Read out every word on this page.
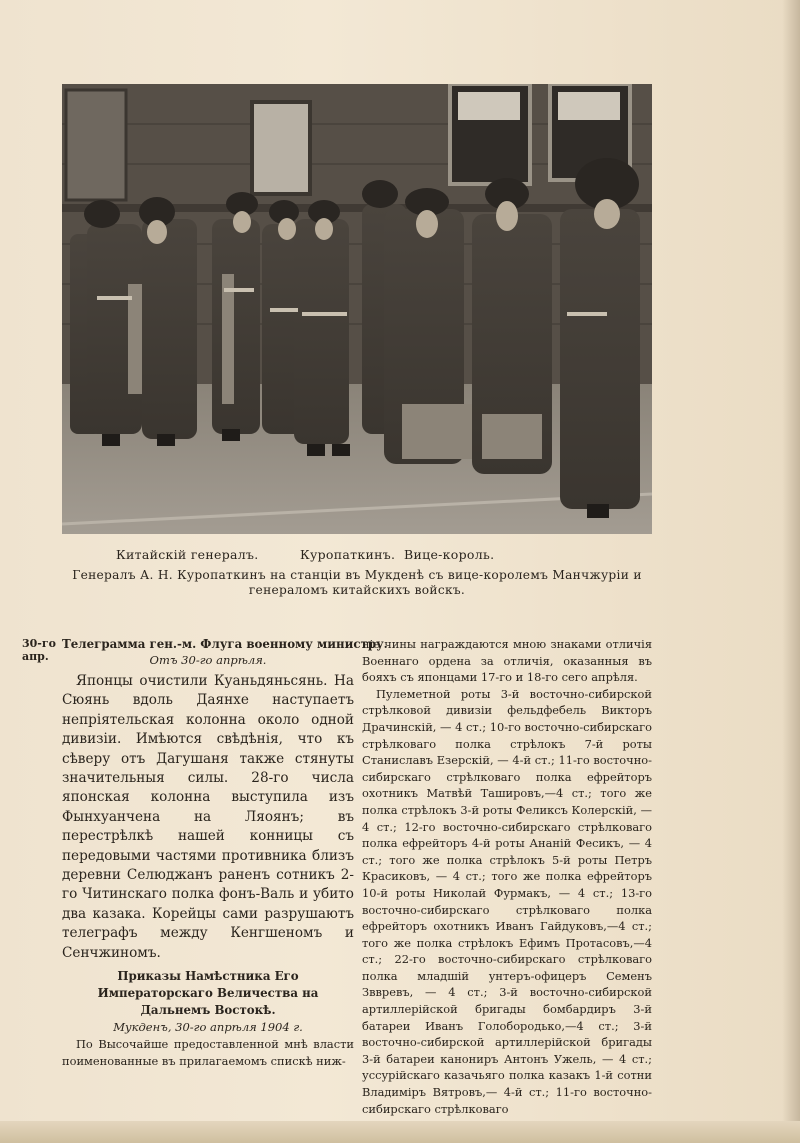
Китайскій генералъ.	Куропаткинъ. Вице-король.
Генералъ А. Н. Куропаткинъ на станціи въ Мукденѣ съ вице-королемъ Манчжуріи и генераломъ китайскихъ войскъ.
30-го апр.
Телеграмма ген.-м. Флуга военному министру.
Отъ 30-го апрѣля.

Японцы очистили Куаньдяньсянь. На Сюянь вдоль Даянхе наступаетъ непріятельская колонна около одной дивизіи. Имѣются свѣдѣнія, что къ сѣверу отъ Дагушаня также стянуты значительныя силы. 28-го числа японская колонна выступила изъ Фынхуанчена на Ляоянъ; въ перестрѣлкѣ нашей конницы съ передовыми частями противника близъ деревни Селюджанъ раненъ сотникъ 2-го Читинскаго полка фонъ-Валь и убито два казака. Корейцы сами разрушаютъ телеграфъ между Кенгшеномъ и Сенчжиномъ.

Приказы Намѣстника Его Императорскаго Величества на Дальнемъ Востокѣ.
Мукденъ, 30-го апрѣля 1904 г.

По Высочайше предоставленной мнѣ власти поименованные въ прилагаемомъ спискѣ ниж-

ніе чины награждаются мною знаками отличія Военнаго ордена за отличія, оказанныя въ бояхъ съ японцами 17-го и 18-го сего апрѣля.

Пулеметной роты 3-й восточно-сибирской стрѣлковой дивизіи фельдфебель Викторъ Драчинскій, — 4 ст.; 10-го восточно-сибирскаго стрѣлковаго полка стрѣлокъ 7-й роты Станиславъ Езерскій, — 4-й ст.; 11-го восточно-сибирскаго стрѣлковаго полка ефрейторъ охотникъ Матвѣй Ташировъ,—4 ст.; того же полка стрѣлокъ 3-й роты Феликсъ Колерскій, — 4 ст.; 12-го восточно-сибирскаго стрѣлковаго полка ефрейторъ 4-й роты Ананій Фесикъ, — 4 ст.; того же полка стрѣлокъ 5-й роты Петръ Красиковъ, — 4 ст.; того же полка ефрейторъ 10-й роты Николай Фурмакъ, — 4 ст.; 13-го восточно-сибирскаго стрѣлковаго полка ефрейторъ охотникъ Иванъ Гайдуковъ,—4 ст.; того же полка стрѣлокъ Ефимъ Протасовъ,—4 ст.; 22-го восточно-сибирскаго стрѣлковаго полка младшій унтеръ-офицеръ Семенъ Зввревъ, — 4 ст.; 3-й восточно-сибирской артиллерійской бригады бомбардиръ 3-й батареи Иванъ Голобородько,—4 ст.; 3-й восточно-сибирской артиллерійской бригады 3-й батареи канониръ Антонъ Ужель, — 4 ст.; уссурійскаго казачьяго полка казакъ 1-й сотни Владиміръ Вятровъ,— 4-й ст.; 11-го восточно-сибирскаго стрѣлковаго
